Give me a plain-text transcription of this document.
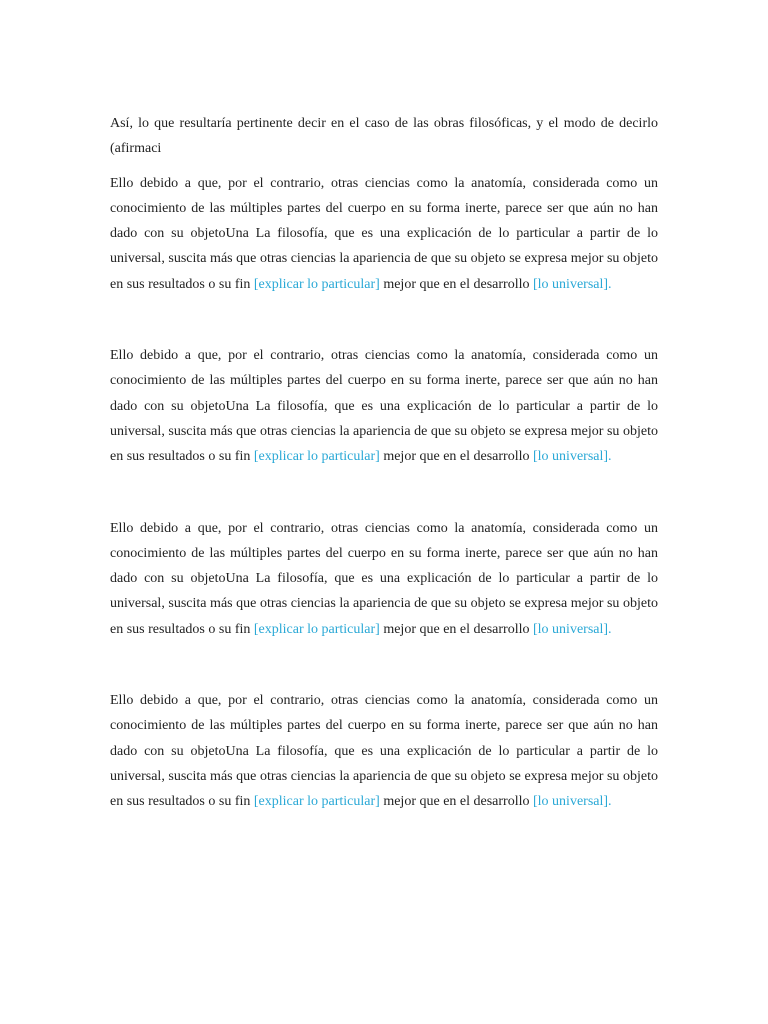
Así, lo que resultaría pertinente decir en el caso de las obras filosóficas, y el modo de decirlo (afirmaci

Ello debido a que, por el contrario, otras ciencias como la anatomía, considerada como un conocimiento de las múltiples partes del cuerpo en su forma inerte, parece ser que aún no han dado con su objetoUna La filosofía, que es una explicación de lo particular a partir de lo universal, suscita más que otras ciencias la apariencia de que su objeto se expresa mejor su objeto en sus resultados o su fin [explicar lo particular] mejor que en el desarrollo [lo universal].

Ello debido a que, por el contrario, otras ciencias como la anatomía, considerada como un conocimiento de las múltiples partes del cuerpo en su forma inerte, parece ser que aún no han dado con su objetoUna La filosofía, que es una explicación de lo particular a partir de lo universal, suscita más que otras ciencias la apariencia de que su objeto se expresa mejor su objeto en sus resultados o su fin [explicar lo particular] mejor que en el desarrollo [lo universal].

Ello debido a que, por el contrario, otras ciencias como la anatomía, considerada como un conocimiento de las múltiples partes del cuerpo en su forma inerte, parece ser que aún no han dado con su objetoUna La filosofía, que es una explicación de lo particular a partir de lo universal, suscita más que otras ciencias la apariencia de que su objeto se expresa mejor su objeto en sus resultados o su fin [explicar lo particular] mejor que en el desarrollo [lo universal].

Ello debido a que, por el contrario, otras ciencias como la anatomía, considerada como un conocimiento de las múltiples partes del cuerpo en su forma inerte, parece ser que aún no han dado con su objetoUna La filosofía, que es una explicación de lo particular a partir de lo universal, suscita más que otras ciencias la apariencia de que su objeto se expresa mejor su objeto en sus resultados o su fin [explicar lo particular] mejor que en el desarrollo [lo universal].
